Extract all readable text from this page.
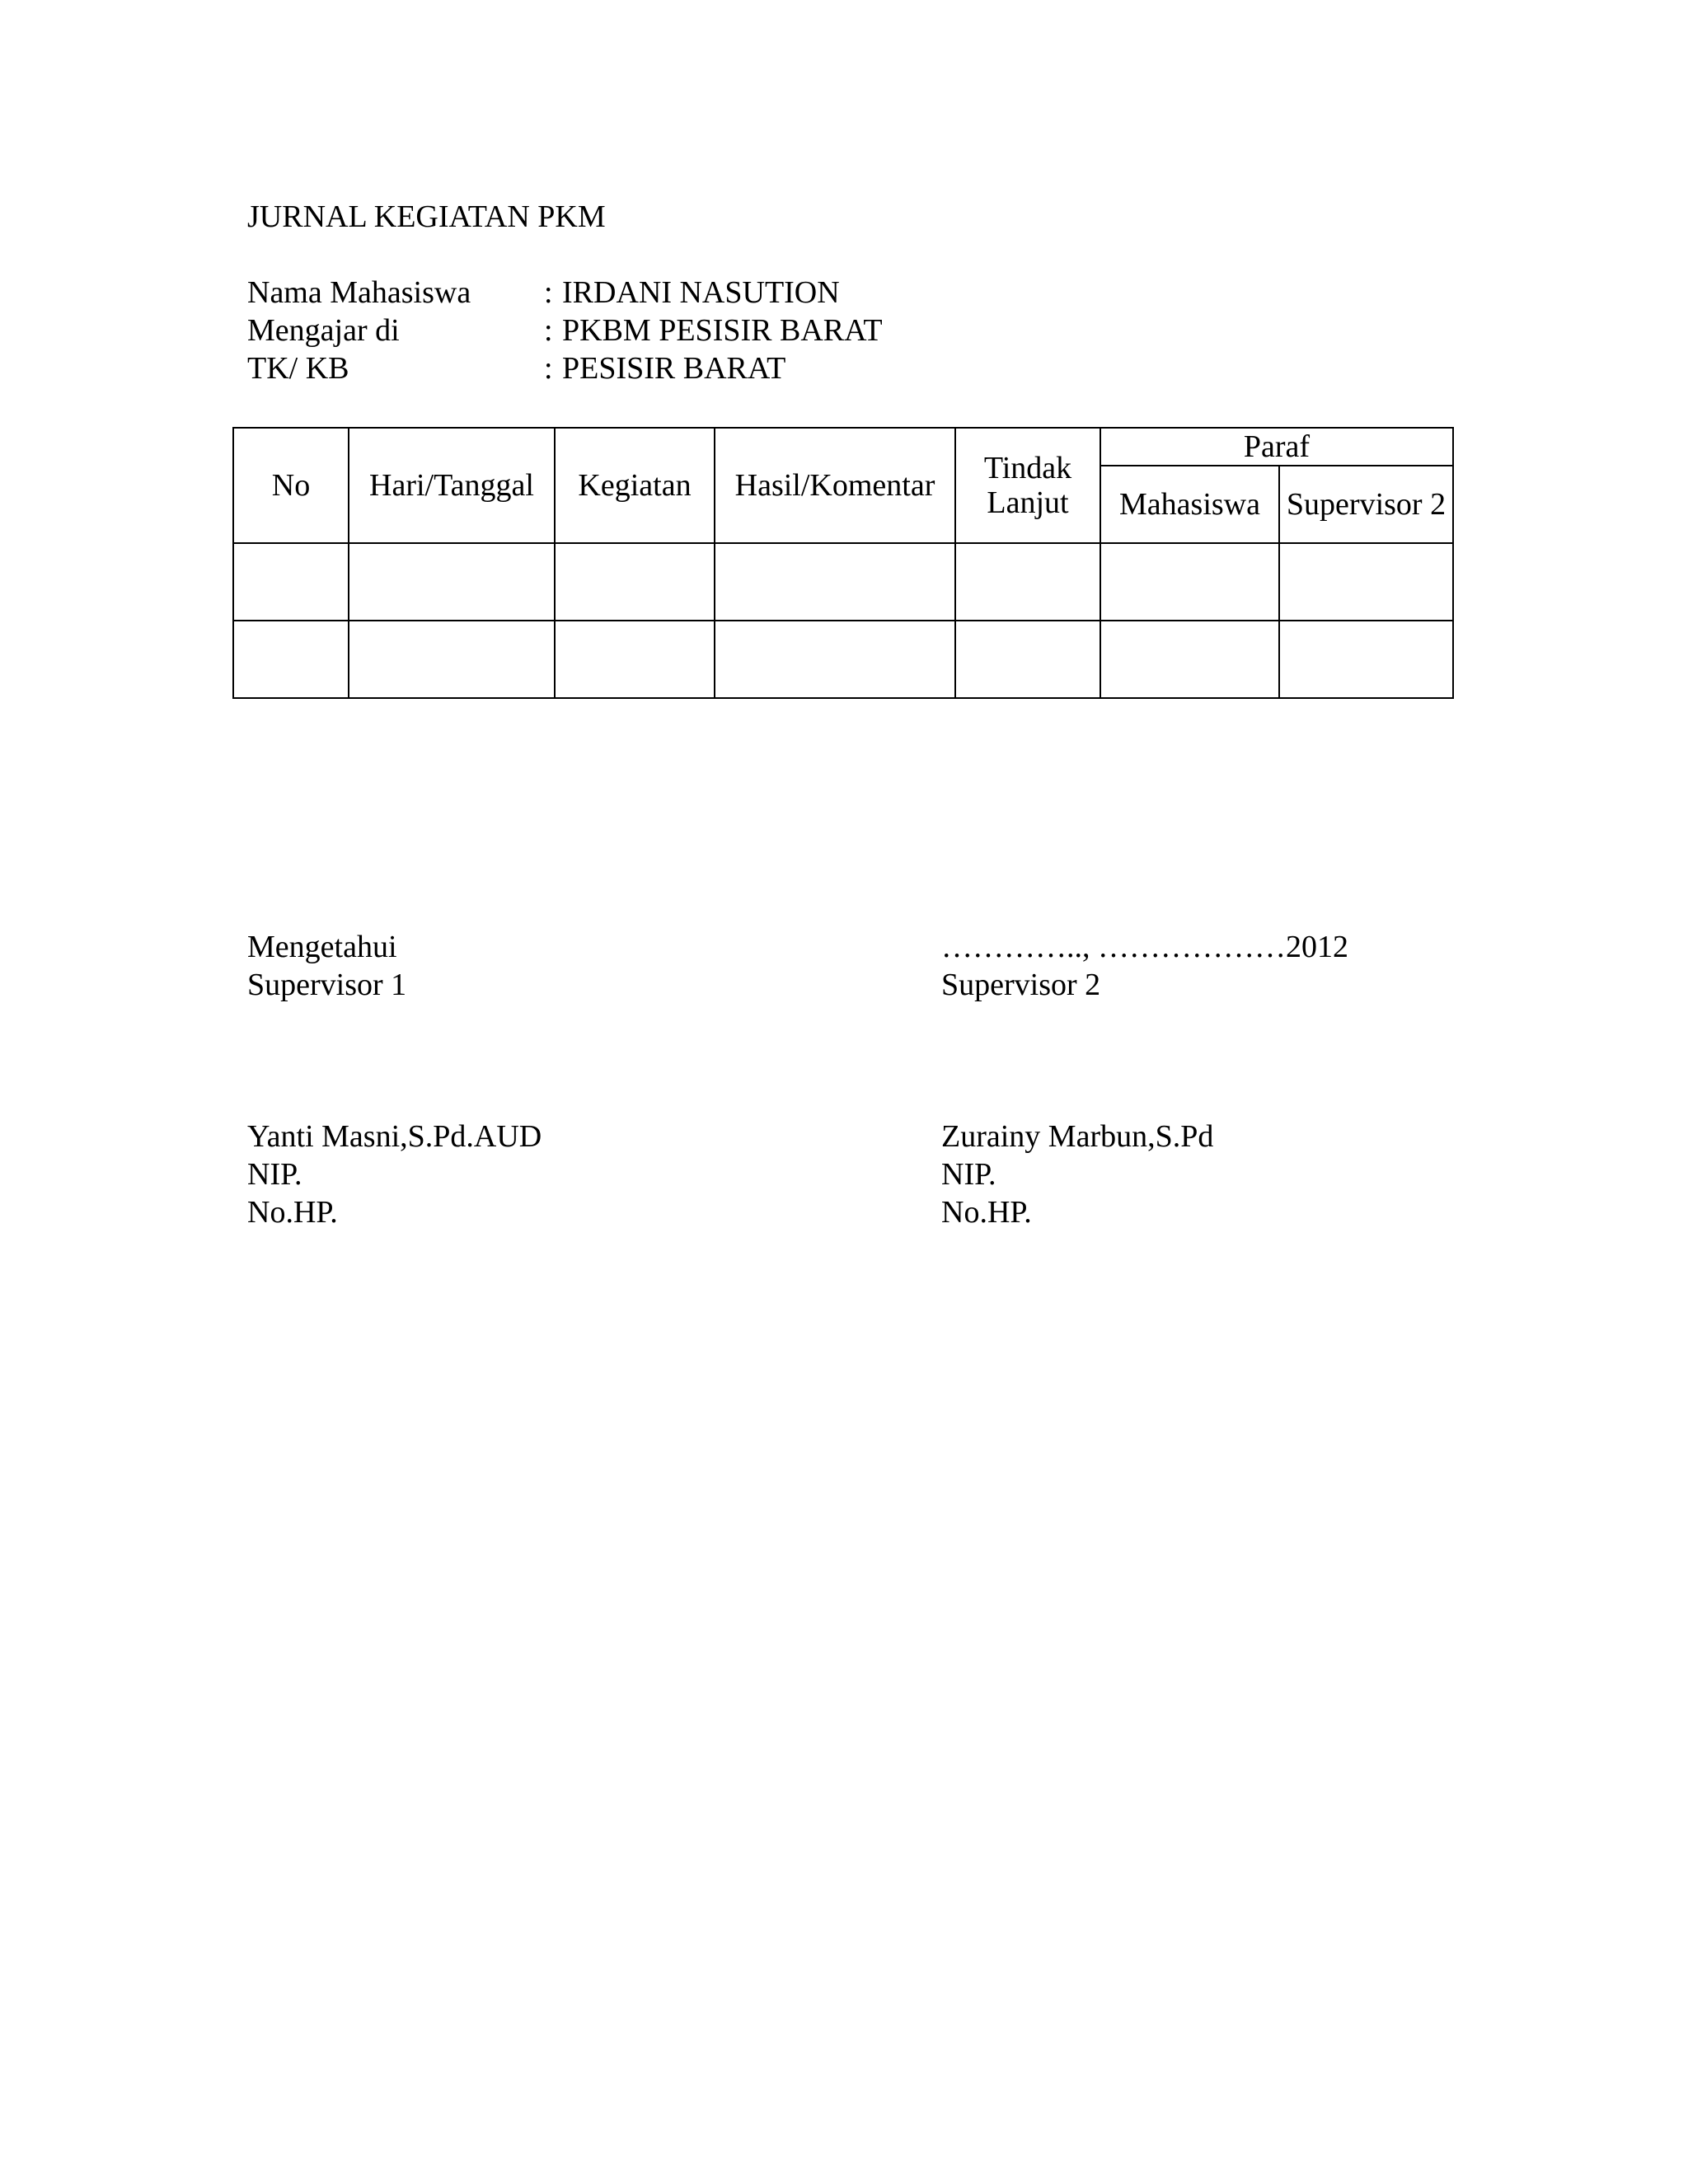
JURNAL KEGIATAN PKM
Nama Mahasiswa : IRDANI NASUTION
Mengajar di	: PKBM PESISIR BARAT
TK/ KB	: PESISIR BARAT
No	Hari/Tanggal	Kegiatan	Hasil/Komentar	Tindak Lanjut	Paraf	
					Mahasiswa	Supervisor 2

Mengetahui
Supervisor 1
………….., ………………2012
Supervisor 2
Yanti Masni,S.Pd.AUD
NIP.
No.HP.
Zurainy Marbun,S.Pd
NIP.
No.HP.
